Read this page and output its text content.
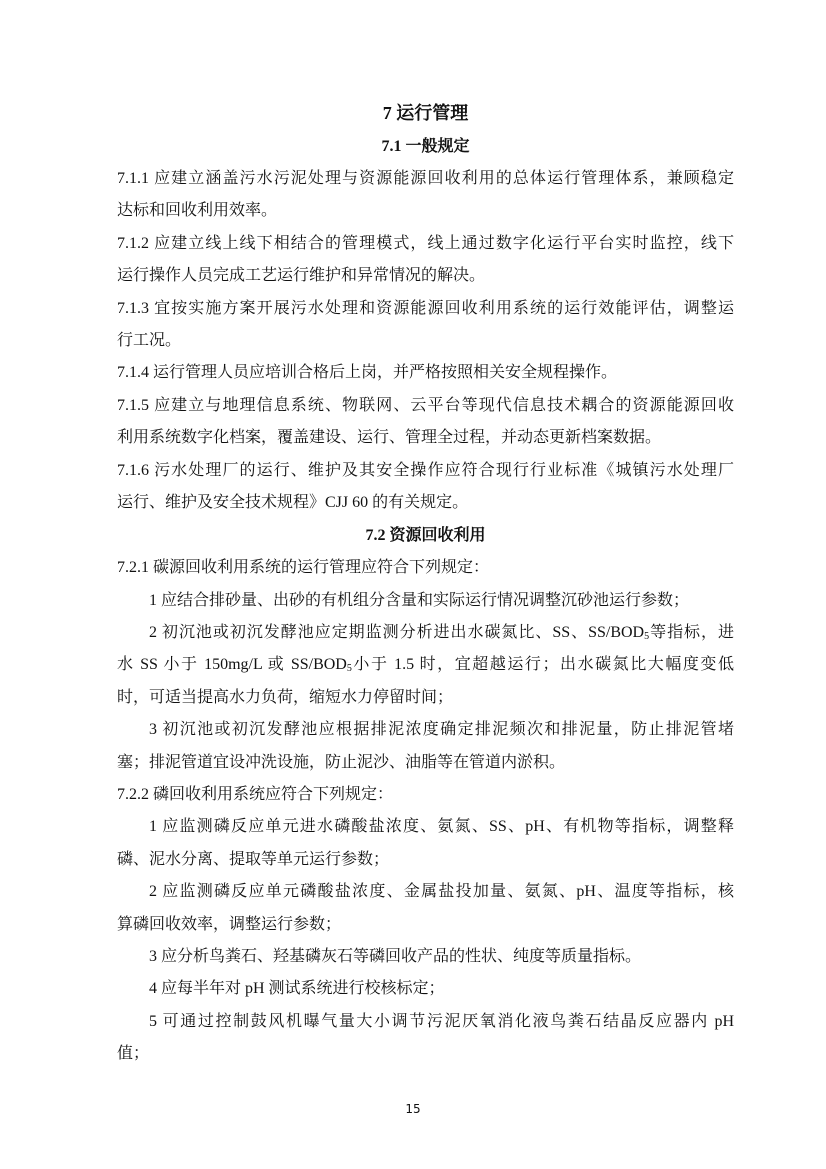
7 运行管理
7.1 一般规定
7.1.1 应建立涵盖污水污泥处理与资源能源回收利用的总体运行管理体系，兼顾稳定
达标和回收利用效率。
7.1.2 应建立线上线下相结合的管理模式，线上通过数字化运行平台实时监控，线下
运行操作人员完成工艺运行维护和异常情况的解决。
7.1.3 宜按实施方案开展污水处理和资源能源回收利用系统的运行效能评估，调整运
行工况。
7.1.4 运行管理人员应培训合格后上岗，并严格按照相关安全规程操作。
7.1.5 应建立与地理信息系统、物联网、云平台等现代信息技术耦合的资源能源回收
利用系统数字化档案，覆盖建设、运行、管理全过程，并动态更新档案数据。
7.1.6 污水处理厂的运行、维护及其安全操作应符合现行行业标准《城镇污水处理厂
运行、维护及安全技术规程》CJJ 60 的有关规定。
7.2 资源回收利用
7.2.1 碳源回收利用系统的运行管理应符合下列规定：
1 应结合排砂量、出砂的有机组分含量和实际运行情况调整沉砂池运行参数；
2 初沉池或初沉发酵池应定期监测分析进出水碳氮比、SS、$SS/BOD_5$等指标，进
水 SS 小于 150mg/L 或 $SS/BOD_5$小于 1.5 时，宜超越运行；出水碳氮比大幅度变低
时，可适当提高水力负荷，缩短水力停留时间；
3 初沉池或初沉发酵池应根据排泥浓度确定排泥频次和排泥量，防止排泥管堵
塞；排泥管道宜设冲洗设施，防止泥沙、油脂等在管道内淤积。
7.2.2 磷回收利用系统应符合下列规定：
1 应监测磷反应单元进水磷酸盐浓度、氨氮、SS、pH、有机物等指标，调整释
磷、泥水分离、提取等单元运行参数；
2 应监测磷反应单元磷酸盐浓度、金属盐投加量、氨氮、pH、温度等指标，核
算磷回收效率，调整运行参数；
3 应分析鸟粪石、羟基磷灰石等磷回收产品的性状、纯度等质量指标。
4 应每半年对 pH 测试系统进行校核标定；
5 可通过控制鼓风机曝气量大小调节污泥厌氧消化液鸟粪石结晶反应器内 pH
值；
15
